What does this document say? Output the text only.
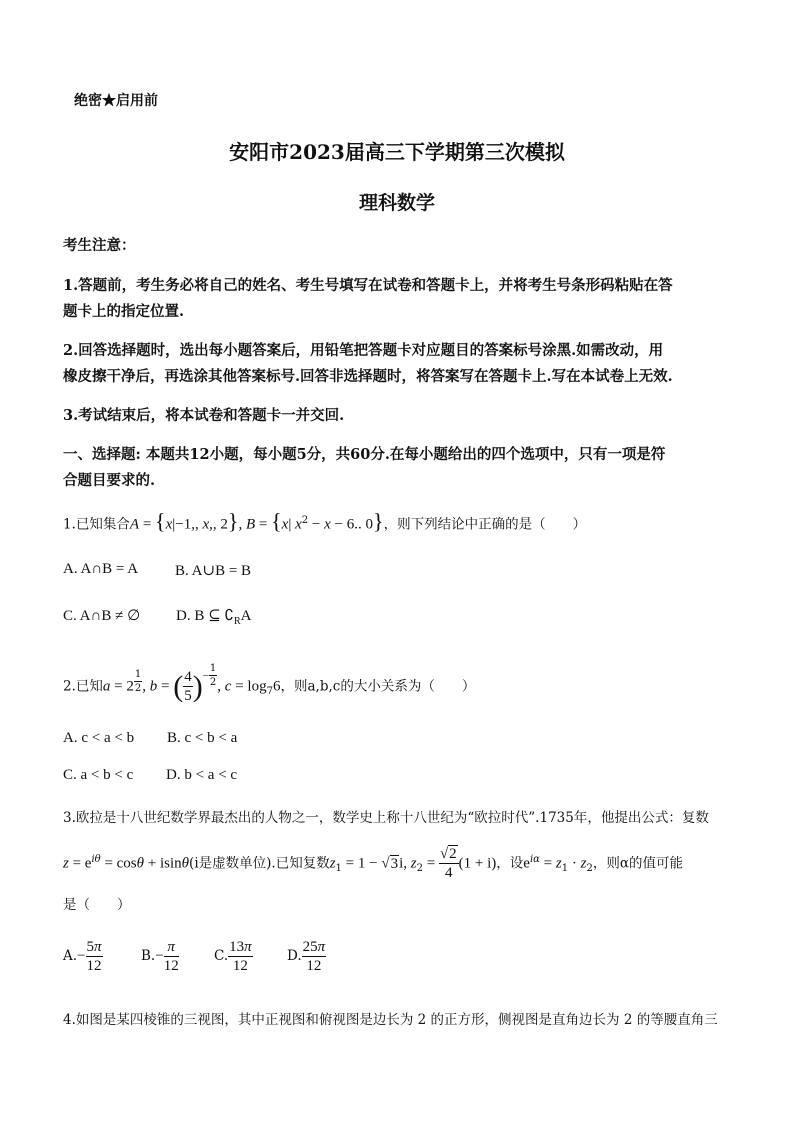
绝密★启用前
安阳市2023届高三下学期第三次模拟
理科数学
考生注意：
1.答题前，考生务必将自己的姓名、考生号填写在试卷和答题卡上，并将考生号条形码粘贴在答
题卡上的指定位置.
2.回答选择题时，选出每小题答案后，用铅笔把答题卡对应题目的答案标号涂黑.如需改动，用
橡皮擦干净后，再选涂其他答案标号.回答非选择题时，将答案写在答题卡上.写在本试卷上无效.
3.考试结束后，将本试卷和答题卡一并交回.
一、选择题: 本题共12小题，每小题5分，共60分.在每小题给出的四个选项中，只有一项是符
合题目要求的.
1.已知集合A = {x|−1,, x,, 2}, B = {x| $x^2 - x - 6$.. 0}，则下列结论中正确的是（　　）
A. A∩B = A B. A∪B = B
C. A∩B ≠ ∅ D. B ⊆ $∁_RA$
2.已知a = 2 $^{\frac{1}{2}}$ , b = ( $\frac{4}{5} )^{- \frac{1}{2}}$ , $c = \log_76$，则a,b,c的大小关系为（　　）
A. c < a < b B. c < b < a
C. a < b < c D. b < a < c
3.欧拉是十八世纪数学界最杰出的人物之一，数学史上称十八世纪为“欧拉时代”.1735年，他提出公式：复数
$z = e^{i\theta} = \cos\theta + isin\theta(i$是虚数单位).已知复数$z_1 = 1 - √3i$, $z_2 = \frac{√2}{4} (1 + i)$，设$e^{i\alpha} = z_1 \cdot z_2$，则α的值可能
是（　　）
$A.- \frac{5\pi}{12}$	$B.- \frac{\pi}{12}$	C. $\frac{13\pi}{12}$	D. $\frac{25\pi}{12}$
4.如图是某四棱锥的三视图，其中正视图和俯视图是边长为 2 的正方形，侧视图是直角边长为 2 的等腰直角三
